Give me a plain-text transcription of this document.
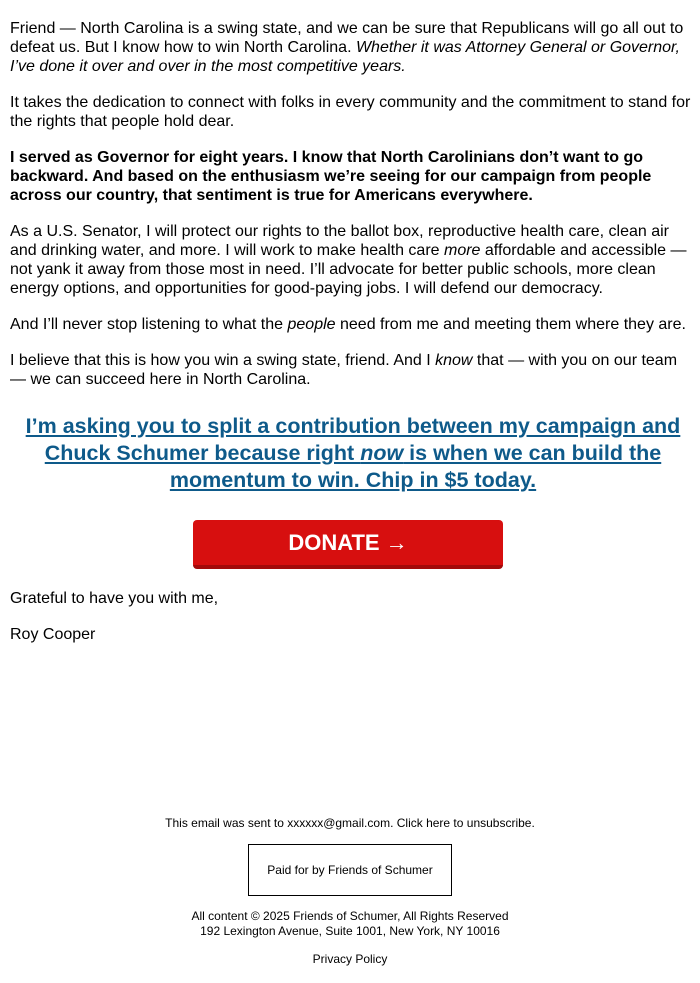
Friend — North Carolina is a swing state, and we can be sure that Republicans will go all out to defeat us. But I know how to win North Carolina. Whether it was Attorney General or Governor, I’ve done it over and over in the most competitive years.

It takes the dedication to connect with folks in every community and the commitment to stand for the rights that people hold dear.

I served as Governor for eight years. I know that North Carolinians don’t want to go backward. And based on the enthusiasm we’re seeing for our campaign from people across our country, that sentiment is true for Americans everywhere.

As a U.S. Senator, I will protect our rights to the ballot box, reproductive health care, clean air and drinking water, and more. I will work to make health care more affordable and accessible — not yank it away from those most in need. I’ll advocate for better public schools, more clean energy options, and opportunities for good-paying jobs. I will defend our democracy.

And I’ll never stop listening to what the people need from me and meeting them where they are.

I believe that this is how you win a swing state, friend. And I know that — with you on our team — we can succeed here in North Carolina.

I’m asking you to split a contribution between my campaign and Chuck Schumer because right now is when we can build the momentum to win. Chip in $5 today.

DONATE →

Grateful to have you with me,

Roy Cooper

This email was sent to xxxxxx@gmail.com. Click here to unsubscribe.
Paid for by Friends of Schumer
All content © 2025 Friends of Schumer, All Rights Reserved
192 Lexington Avenue, Suite 1001, New York, NY 10016
Privacy Policy
